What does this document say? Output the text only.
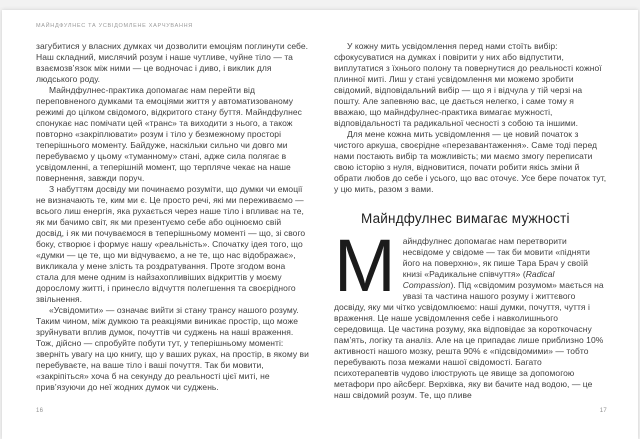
МАЙНДФУЛНЕС ТА УСВІДОМЛЕНЕ ХАРЧУВАННЯ

загубитися у власних думках чи дозволити емоціям поглинути себе. Наш складний, мислячий розум і наше чутливе, чуйне тіло — та взаємозв’язок між ними — це водночас і диво, і виклик для людського роду.

Майндфулнес-практика допомагає нам перейти від переповненого думками та емоціями життя у автоматизованому режимі до цілком свідомого, відкритого стану буття. Майндфулнес спонукає нас помічати цей «транс» та виходити з нього, а також повторно «закріплювати» розум і тіло у безмежному просторі теперішнього моменту. Байдуже, наскільки сильно чи довго ми перебуваємо у цьому «туманному» стані, адже сила полягає в усвідомленні, а теперішній момент, що терпляче чекає на наше повернення, завжди поруч.

З набуттям досвіду ми починаємо розуміти, що думки чи емоції не визначають те, ким ми є. Це просто речі, які ми переживаємо — всього лиш енергія, яка рухається через наше тіло і впливає на те, як ми бачимо світ, як ми презентуємо себе або оцінюємо свій досвід, і як ми почуваємося в теперішньому моменті — що, зі свого боку, створює і формує нашу «реальність». Спочатку ідея того, що «думки — це те, що ми відчуваємо, а не те, що нас відображає», викликала у мене злість та роздратування. Проте згодом вона стала для мене одним із найзахопливіших відкриттів у моєму дорослому житті, і принесло відчуття полегшення та своєрідного звільнення.

«Усвідомити» — означає вийти зі стану трансу нашого розуму. Таким чином, між думкою та реакціями виникає простір, що може зруйнувати вплив думок, почуттів чи суджень на наші враження. Тож, дійсно — спробуйте побути тут, у теперішньому моменті: зверніть увагу на цю книгу, що у ваших руках, на простір, в якому ви перебуваєте, на ваше тіло і ваші почуття. Так би мовити, «закріпіться» хоча б на секунду до реальності цієї миті, не прив’язуючи до неї жодних думок чи суджень.

У кожну мить усвідомлення перед нами стоїть вибір: сфокусуватися на думках і повірити у них або відпустити, виплутатися з їхнього полону та повернутися до реальності кожної плинної миті. Лиш у стані усвідомлення ми можемо зробити свідомий, відповідальний вибір — що я і відчула у тій черзі на пошту. Але запевняю вас, це дається нелегко, і саме тому я вважаю, що майндфулнес-практика вимагає мужності, відповідальності та радикальної чесності з собою та іншими.

Для мене кожна мить усвідомлення — це новий початок з чистого аркуша, своєрідне «перезавантаження». Саме тоді перед нами постають вибір та можливість; ми маємо змогу переписати свою історію з нуля, відновитися, почати робити якісь зміни й обрати любов до себе і усього, що вас оточує. Усе бере початок тут, у цю мить, разом з вами.

Майндфулнес вимагає мужності

Майндфулнес допомагає нам перетворити несвідоме у свідоме — так би мовити «підняти його на поверхню», як пише Тара Брач у своїй книзі «Радикальне співчуття» (Radical Compassion). Під «свідомим розумом» мається на увазі та частина нашого розуму і життєвого досвіду, яку ми чітко усвідомлюємо: наші думки, почуття, чуття і враження. Це наше усвідомлення себе і навколишнього середовища. Це частина розуму, яка відповідає за короткочасну пам’ять, логіку та аналіз. Але на це припадає лише приблизно 10% активності нашого мозку, решта 90% є «підсвідомими» — тобто перебувають поза межами нашої свідомості. Багато психотерапевтів чудово ілюструють це явище за допомогою метафори про айсберг. Верхівка, яку ви бачите над водою, — це наш свідомий розум. Те, що пливе

16	17
